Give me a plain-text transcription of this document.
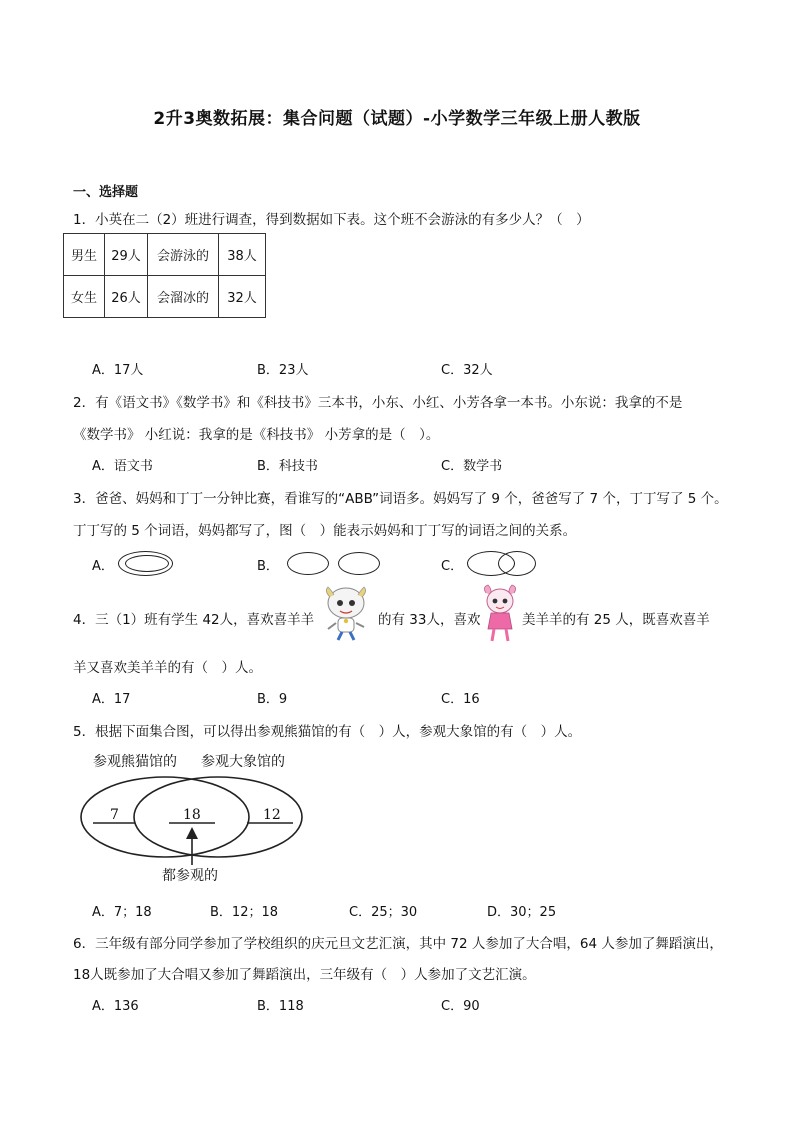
2升3奥数拓展：集合问题（试题）-小学数学三年级上册人教版
一、选择题
1．小英在二（2）班进行调查，得到数据如下表。这个班不会游泳的有多少人？（　）
男生	29人	会游泳的	38人
女生	26人	会溜冰的	32人
A．17人	B．23人	C．32人
2．有《语文书》《数学书》和《科技书》三本书，小东、小红、小芳各拿一本书。小东说：我拿的不是
《数学书》 小红说：我拿的是《科技书》 小芳拿的是（　）。
A．语文书	B．科技书	C．数学书
3．爸爸、妈妈和丁丁一分钟比赛，看谁写的“ABB”词语多。妈妈写了 9 个，爸爸写了 7 个，丁丁写了 5 个。
丁丁写的 5 个词语，妈妈都写了，图（　）能表示妈妈和丁丁写的词语之间的关系。
A．	B．	C．
4．三（1）班有学生 42人，喜欢喜羊羊	的有 33人，喜欢	美羊羊的有 25 人，既喜欢喜羊
羊又喜欢美羊羊的有（　）人。
A．17	B．9	C．16
5．根据下面集合图，可以得出参观熊猫馆的有（　）人，参观大象馆的有（　）人。
参观熊猫馆的 参观大象馆的
7	18	12
都参观的
A．7；18	B．12；18	C．25；30	D．30；25
6．三年级有部分同学参加了学校组织的庆元旦文艺汇演，其中 72 人参加了大合唱，64 人参加了舞蹈演出，
18人既参加了大合唱又参加了舞蹈演出，三年级有（　）人参加了文艺汇演。
A．136	B．118	C．90
